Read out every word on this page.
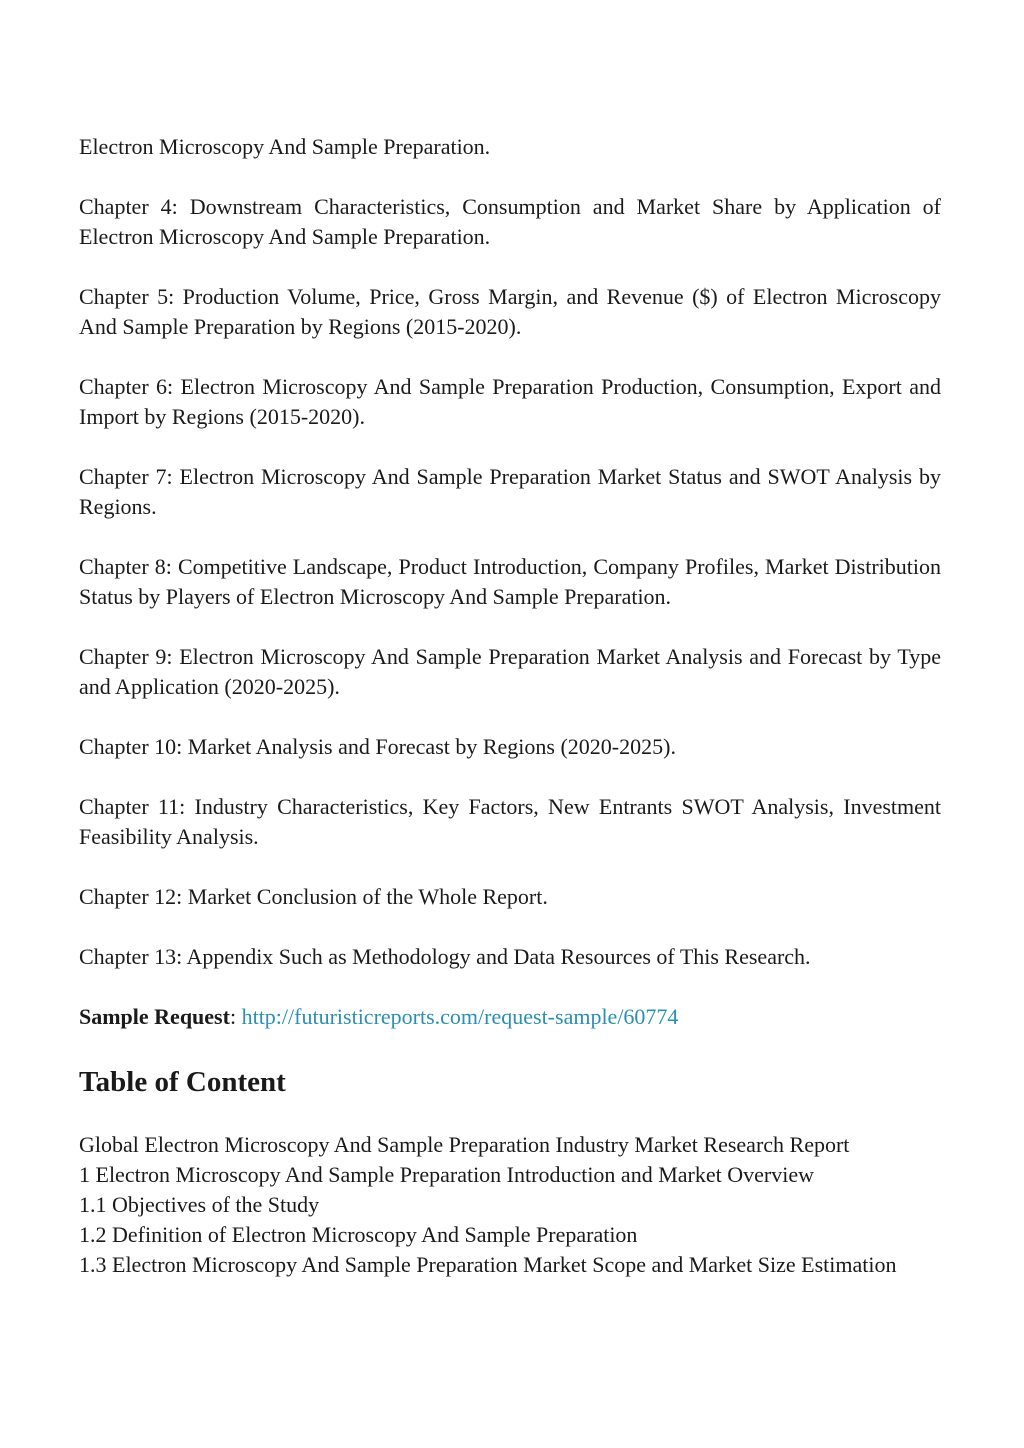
Electron Microscopy And Sample Preparation.

Chapter 4: Downstream Characteristics, Consumption and Market Share by Application of Electron Microscopy And Sample Preparation.

Chapter 5: Production Volume, Price, Gross Margin, and Revenue ($) of Electron Microscopy And Sample Preparation by Regions (2015-2020).

Chapter 6: Electron Microscopy And Sample Preparation Production, Consumption, Export and Import by Regions (2015-2020).

Chapter 7: Electron Microscopy And Sample Preparation Market Status and SWOT Analysis by Regions.

Chapter 8: Competitive Landscape, Product Introduction, Company Profiles, Market Distribution Status by Players of Electron Microscopy And Sample Preparation.

Chapter 9: Electron Microscopy And Sample Preparation Market Analysis and Forecast by Type and Application (2020-2025).

Chapter 10: Market Analysis and Forecast by Regions (2020-2025).

Chapter 11: Industry Characteristics, Key Factors, New Entrants SWOT Analysis, Investment Feasibility Analysis.

Chapter 12: Market Conclusion of the Whole Report.

Chapter 13: Appendix Such as Methodology and Data Resources of This Research.

Sample Request: http://futuristicreports.com/request-sample/60774

Table of Content
Global Electron Microscopy And Sample Preparation Industry Market Research Report
1 Electron Microscopy And Sample Preparation Introduction and Market Overview
1.1 Objectives of the Study
1.2 Definition of Electron Microscopy And Sample Preparation
1.3 Electron Microscopy And Sample Preparation Market Scope and Market Size Estimation
